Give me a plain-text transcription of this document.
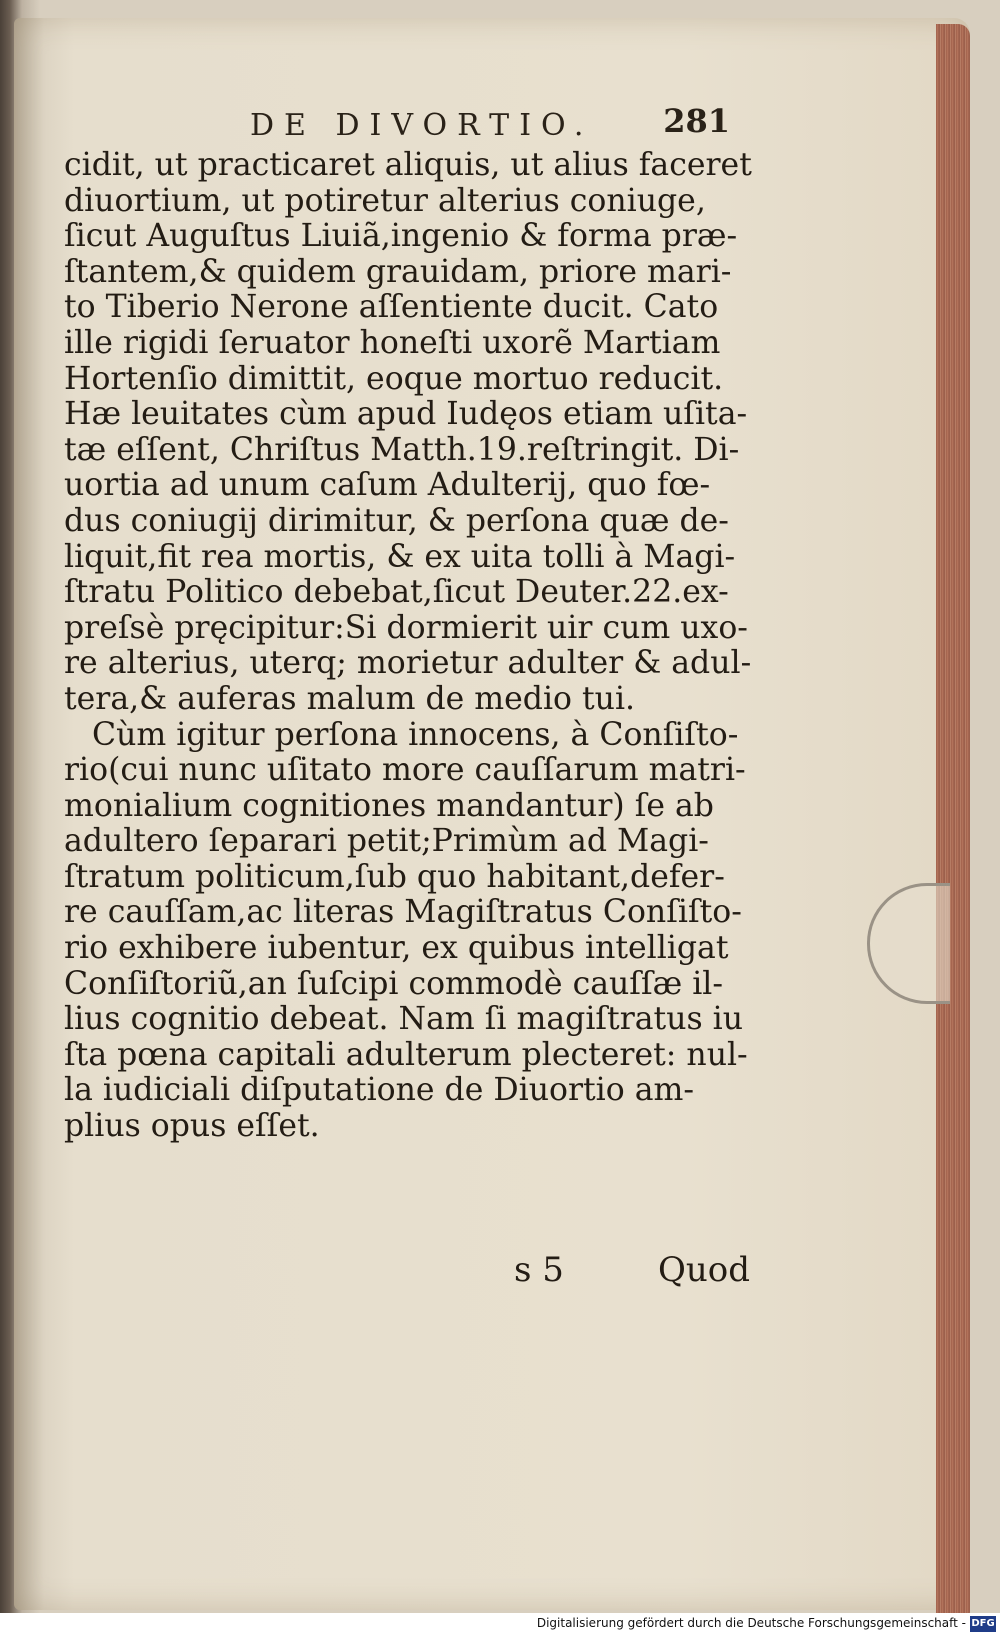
DE DIVORTIO. 281
cidit, ut practicaret aliquis, ut alius faceret
diuortium, ut potiretur alterius coniuge,
ſicut Auguſtus Liuiã,ingenio & forma præ-
ſtantem,& quidem grauidam, priore mari-
to Tiberio Nerone aſſentiente ducit. Cato
ille rigidi ſeruator honeſti uxorẽ Martiam
Hortenſio dimittit, eoque mortuo reducit.
Hæ leuitates cùm apud Iudęos etiam uſita-
tæ eſſent, Chriſtus Matth.19.reſtringit. Di-
uortia ad unum caſum Adulterij, quo fœ-
dus coniugij dirimitur, & perſona quæ de-
liquit,fit rea mortis, & ex uita tolli à Magi-
ſtratu Politico debebat,ſicut Deuter.22.ex-
preſsè pręcipitur:Si dormierit uir cum uxo-
re alterius, uterq; morietur adulter & adul-
tera,& auferas malum de medio tui.
Cùm igitur perſona innocens, à Conſiſto-
rio(cui nunc uſitato more cauſſarum matri-
monialium cognitiones mandantur) ſe ab
adultero ſeparari petit;Primùm ad Magi-
ſtratum politicum,ſub quo habitant,defer-
re cauſſam,ac literas Magiſtratus Conſiſto-
rio exhibere iubentur, ex quibus intelligat
Conſiſtoriũ,an ſuſcipi commodè cauſſæ il-
lius cognitio debeat. Nam ſi magiſtratus iu
ſta pœna capitali adulterum plecteret: nul-
la iudiciali diſputatione de Diuortio am-
plius opus eſſet.
s 5	Quod
Digitalisierung gefördert durch die Deutsche Forschungsgemeinschaft - DFG
